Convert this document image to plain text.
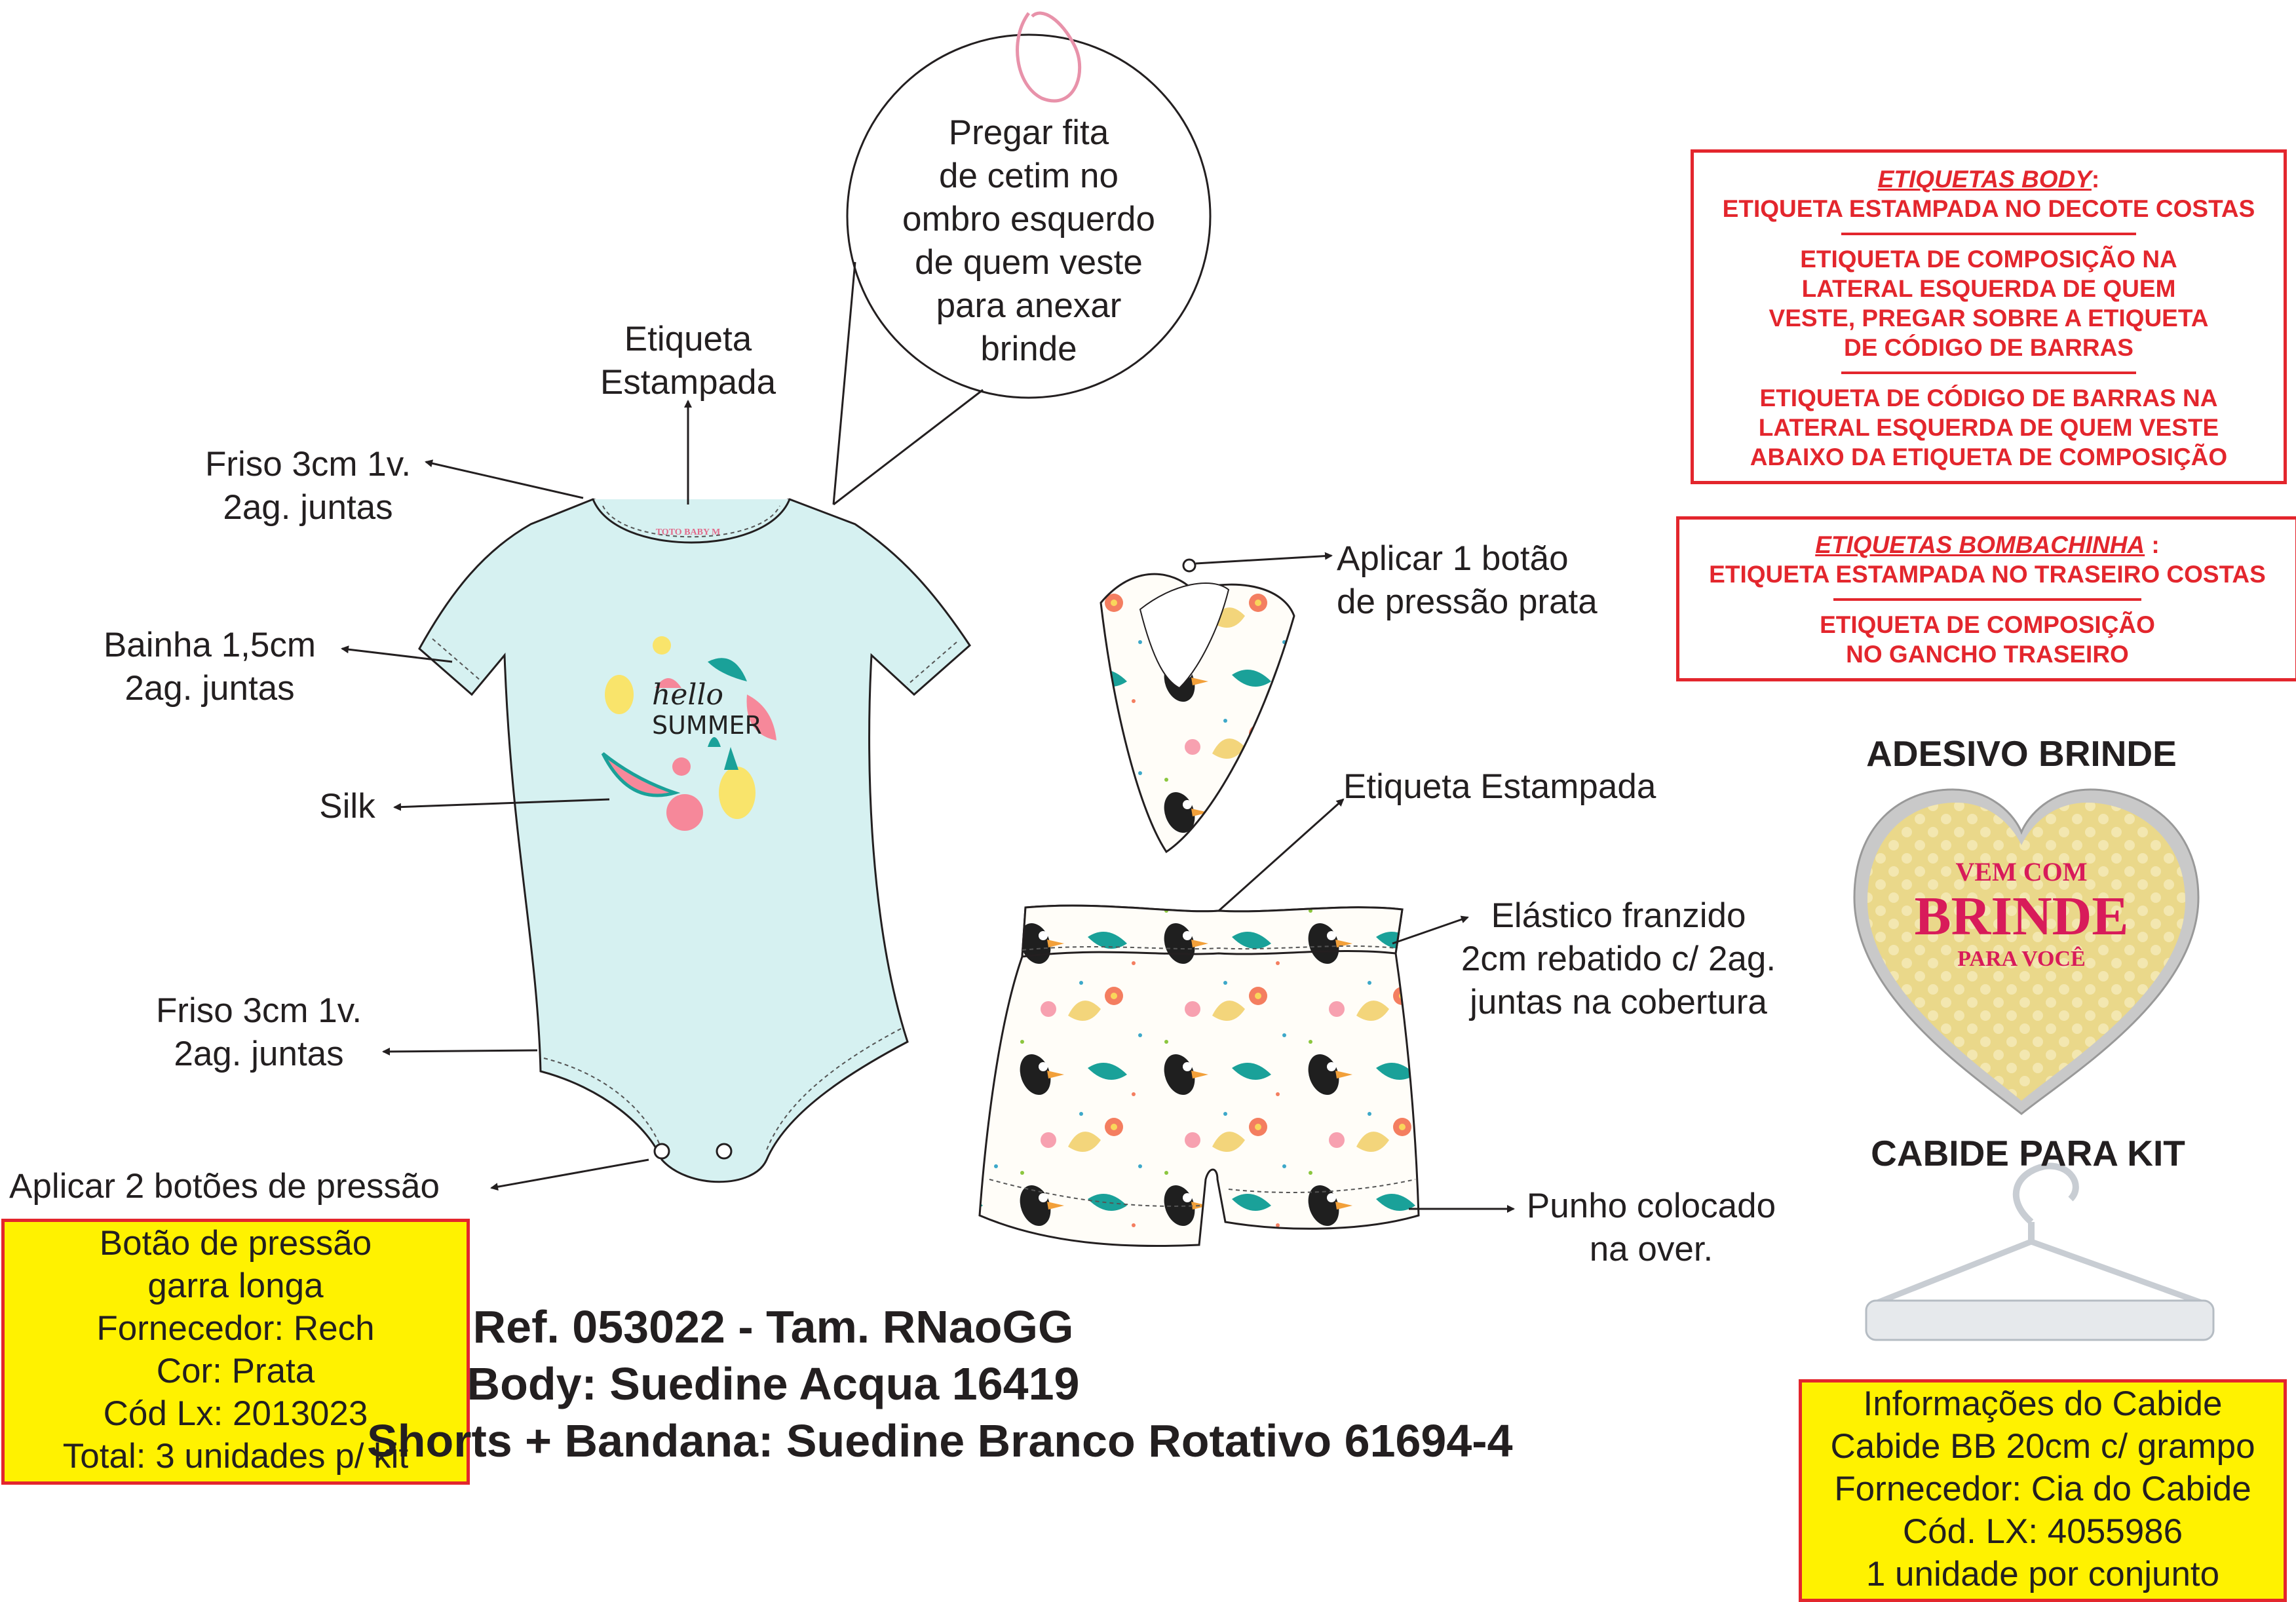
Pregar fita
de cetim no
ombro esquerdo
de quem veste
para anexar
brinde
Etiqueta
Estampada
Friso 3cm 1v.
2ag. juntas
Bainha 1,5cm
2ag. juntas
Silk
Friso 3cm 1v.
2ag. juntas
Aplicar 2 botões de pressão
Aplicar 1 botão
de pressão prata
Etiqueta Estampada
Elástico franzido
2cm rebatido c/ 2ag.
juntas na cobertura
Punho colocado
na over.
TOTO BABY M
hello
SUMMER
ETIQUETAS BODY:
ETIQUETA ESTAMPADA NO DECOTE COSTAS
ETIQUETA DE COMPOSIÇÃO NA
LATERAL ESQUERDA DE QUEM
VESTE, PREGAR SOBRE A ETIQUETA
DE CÓDIGO DE BARRAS
ETIQUETA DE CÓDIGO DE BARRAS NA
LATERAL ESQUERDA DE QUEM VESTE
ABAIXO DA ETIQUETA DE COMPOSIÇÃO
ETIQUETAS BOMBACHINHA :
ETIQUETA ESTAMPADA NO TRASEIRO COSTAS
ETIQUETA DE COMPOSIÇÃO
NO GANCHO TRASEIRO
ADESIVO BRINDE
VEM COM
BRINDE
PARA VOCÊ
CABIDE PARA KIT
Botão de pressão
garra longa
Fornecedor: Rech
Cor: Prata
Cód Lx: 2013023
Total: 3 unidades p/ kit
Informações do Cabide
Cabide BB 20cm c/ grampo
Fornecedor: Cia do Cabide
Cód. LX: 4055986
1 unidade por conjunto
Ref. 053022 - Tam. RNaoGG
Body: Suedine Acqua 16419
Shorts + Bandana: Suedine Branco Rotativo 61694-4
